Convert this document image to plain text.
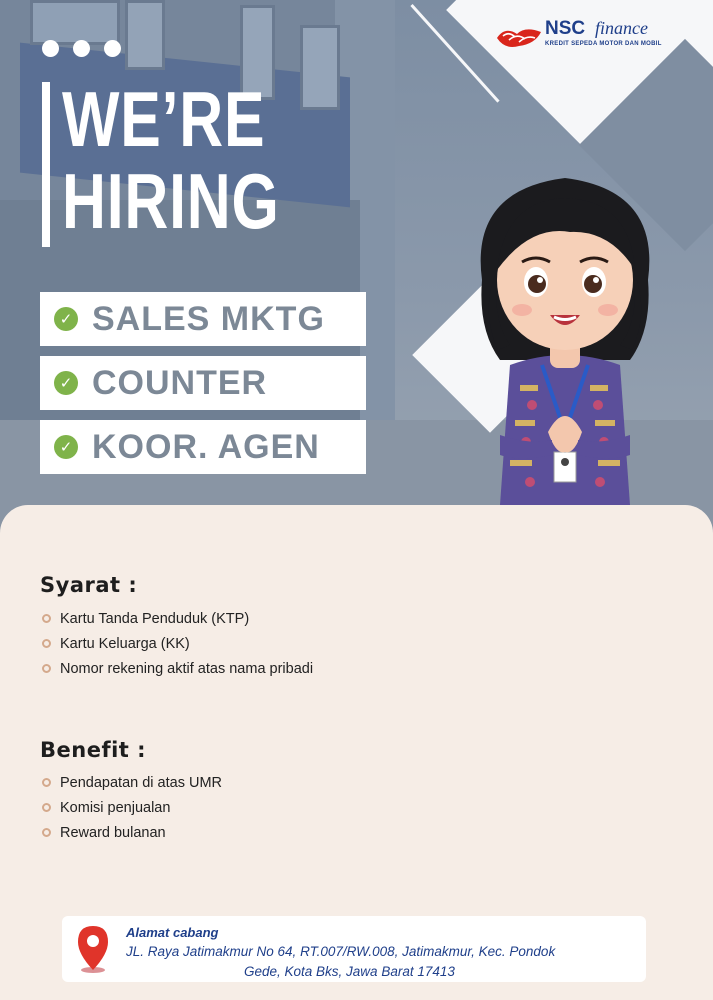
WE’RE
HIRING
✓ SALES MKTG
✓ COUNTER
✓ KOOR. AGEN
NSC finance
KREDIT SEPEDA MOTOR DAN MOBIL
Syarat :
Kartu Tanda Penduduk (KTP)
Kartu Keluarga (KK)
Nomor rekening aktif atas nama pribadi
Benefit :
Pendapatan di atas UMR
Komisi penjualan
Reward bulanan
Alamat cabang
JL. Raya Jatimakmur No 64, RT.007/RW.008, Jatimakmur, Kec. Pondok
Gede, Kota Bks, Jawa Barat 17413
